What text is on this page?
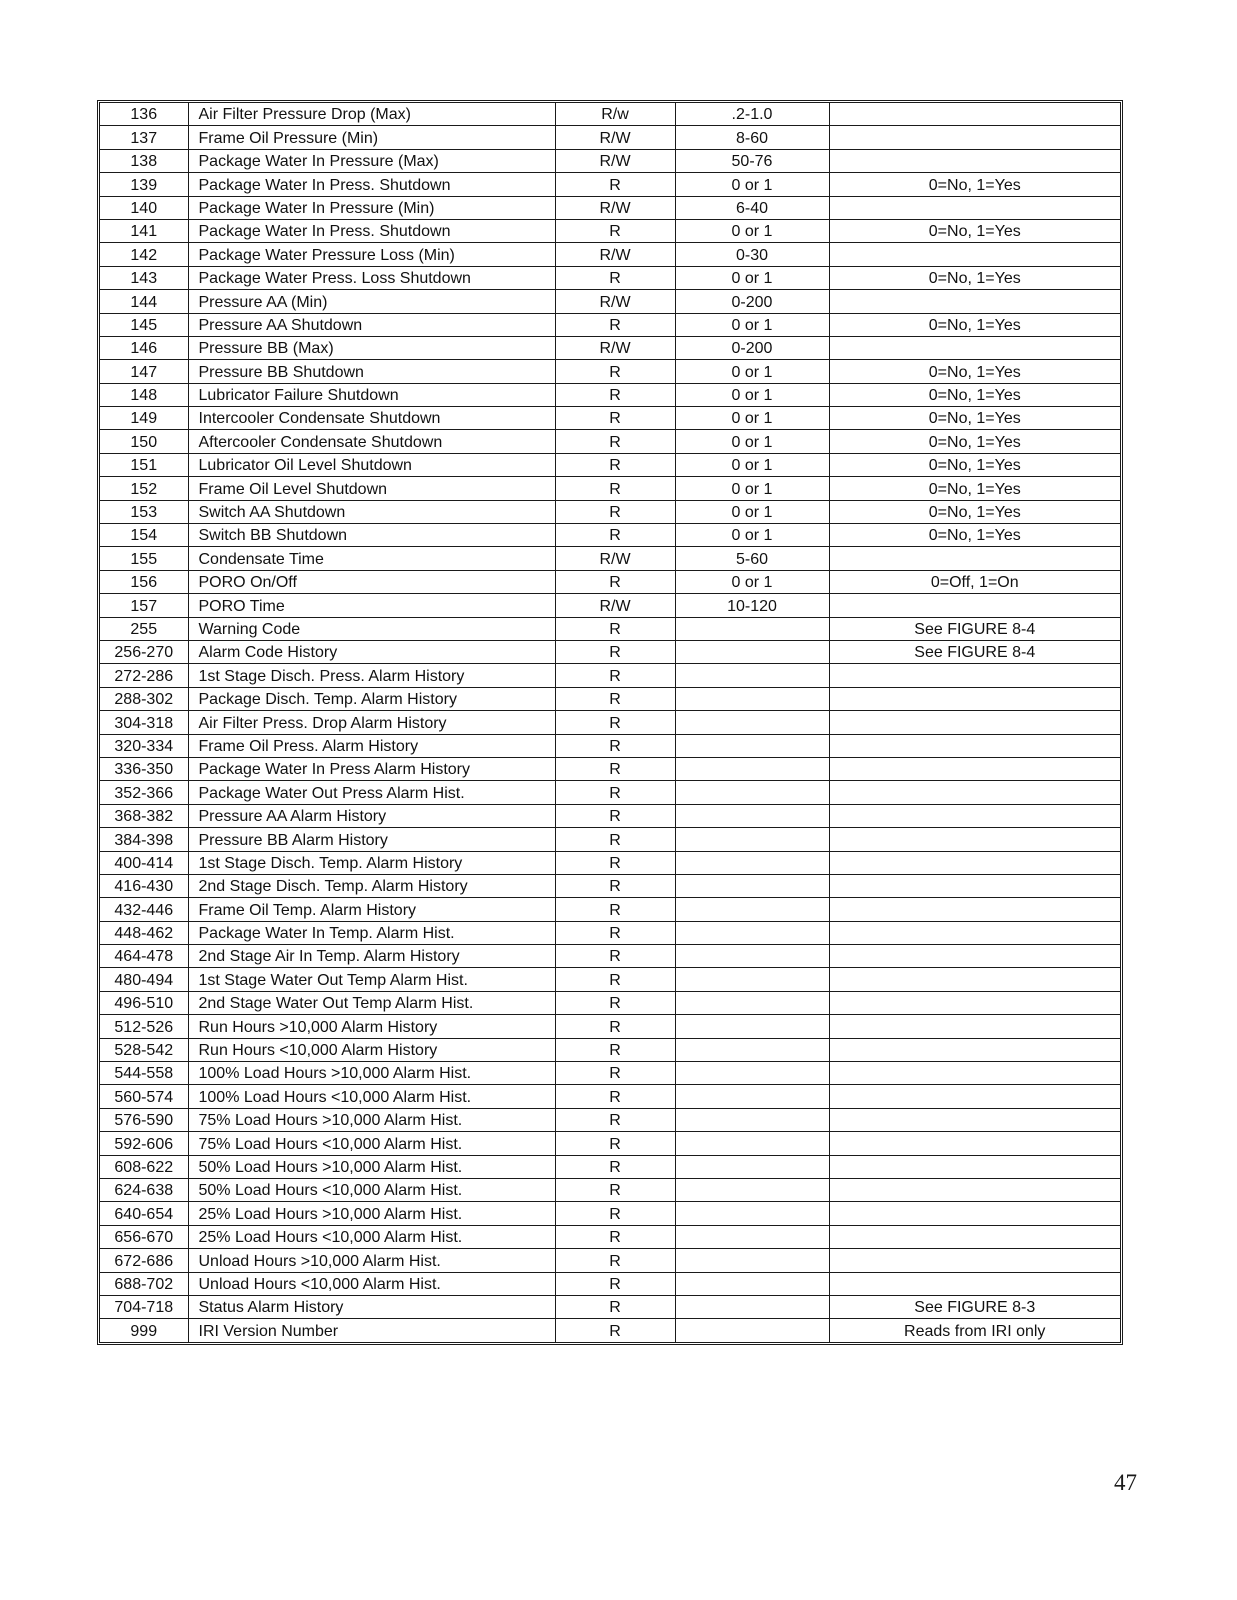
136	Air Filter Pressure Drop (Max)	R/w	.2-1.0	
137	Frame Oil Pressure (Min)	R/W	8-60	
138	Package Water In Pressure (Max)	R/W	50-76	
139	Package Water In Press. Shutdown	R	0 or 1	0=No, 1=Yes
140	Package Water In Pressure (Min)	R/W	6-40	
141	Package Water In Press. Shutdown	R	0 or 1	0=No, 1=Yes
142	Package Water Pressure Loss (Min)	R/W	0-30	
143	Package Water Press. Loss Shutdown	R	0 or 1	0=No, 1=Yes
144	Pressure AA (Min)	R/W	0-200	
145	Pressure AA Shutdown	R	0 or 1	0=No, 1=Yes
146	Pressure BB (Max)	R/W	0-200	
147	Pressure BB Shutdown	R	0 or 1	0=No, 1=Yes
148	Lubricator Failure Shutdown	R	0 or 1	0=No, 1=Yes
149	Intercooler Condensate Shutdown	R	0 or 1	0=No, 1=Yes
150	Aftercooler Condensate Shutdown	R	0 or 1	0=No, 1=Yes
151	Lubricator Oil Level Shutdown	R	0 or 1	0=No, 1=Yes
152	Frame Oil Level Shutdown	R	0 or 1	0=No, 1=Yes
153	Switch AA Shutdown	R	0 or 1	0=No, 1=Yes
154	Switch BB Shutdown	R	0 or 1	0=No, 1=Yes
155	Condensate Time	R/W	5-60	
156	PORO On/Off	R	0 or 1	0=Off, 1=On
157	PORO Time	R/W	10-120	
255	Warning Code	R		See FIGURE 8-4
256-270	Alarm Code History	R		See FIGURE 8-4
272-286	1st Stage Disch. Press. Alarm History	R		
288-302	Package Disch. Temp. Alarm History	R		
304-318	Air Filter Press. Drop Alarm History	R		
320-334	Frame Oil Press. Alarm History	R		
336-350	Package Water In Press Alarm History	R		
352-366	Package Water Out Press Alarm Hist.	R		
368-382	Pressure AA Alarm History	R		
384-398	Pressure BB Alarm History	R		
400-414	1st Stage Disch. Temp. Alarm History	R		
416-430	2nd Stage Disch. Temp. Alarm History	R		
432-446	Frame Oil Temp. Alarm History	R		
448-462	Package Water In Temp. Alarm Hist.	R		
464-478	2nd Stage Air In Temp. Alarm History	R		
480-494	1st Stage Water Out Temp Alarm Hist.	R		
496-510	2nd Stage Water Out Temp Alarm Hist.	R		
512-526	Run Hours >10,000 Alarm History	R		
528-542	Run Hours <10,000 Alarm History	R		
544-558	100% Load Hours >10,000 Alarm Hist.	R		
560-574	100% Load Hours <10,000 Alarm Hist.	R		
576-590	75% Load Hours >10,000 Alarm Hist.	R		
592-606	75% Load Hours <10,000 Alarm Hist.	R		
608-622	50% Load Hours >10,000 Alarm Hist.	R		
624-638	50% Load Hours <10,000 Alarm Hist.	R		
640-654	25% Load Hours >10,000 Alarm Hist.	R		
656-670	25% Load Hours <10,000 Alarm Hist.	R		
672-686	Unload Hours >10,000 Alarm Hist.	R		
688-702	Unload Hours <10,000 Alarm Hist.	R		
704-718	Status Alarm History	R		See FIGURE 8-3
999	IRI Version Number	R		Reads from IRI only
47
